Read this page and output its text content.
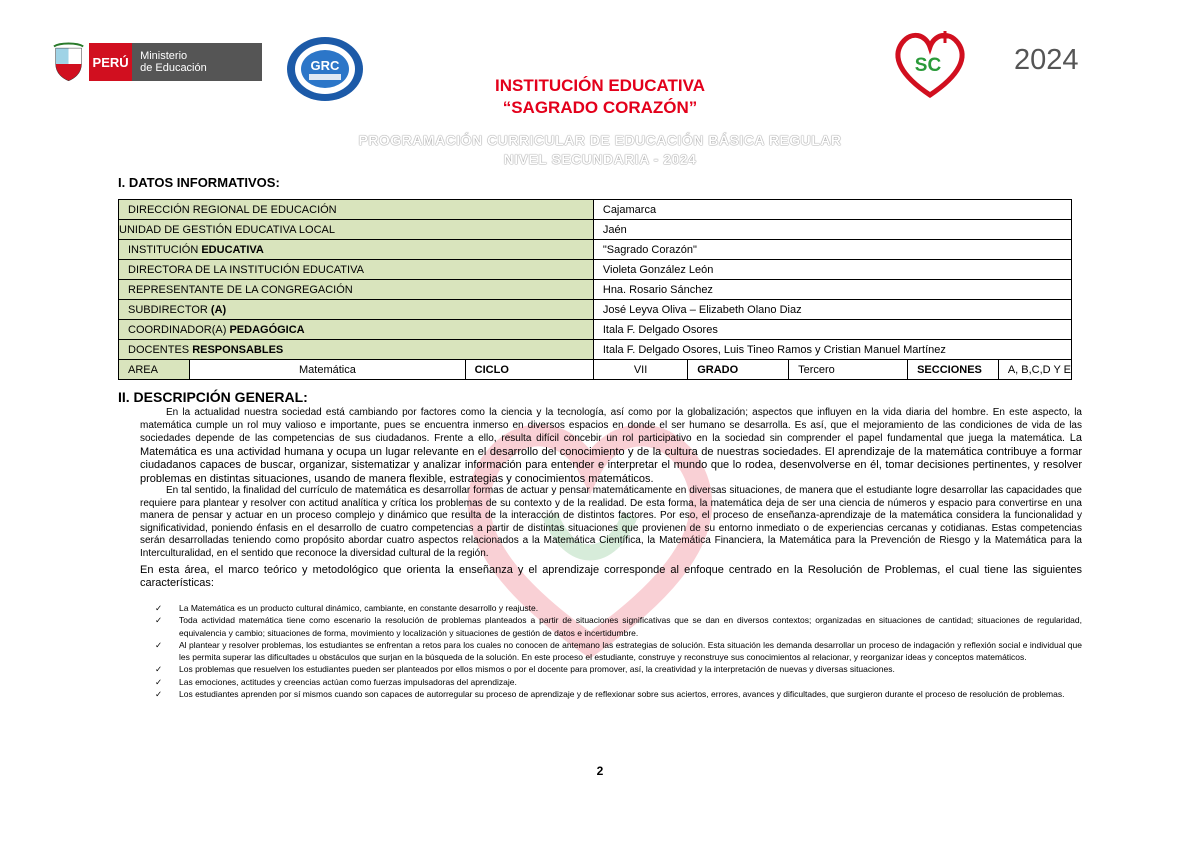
PERÚ	Ministerio
de Educación	GRC	SC	2024
INSTITUCIÓN EDUCATIVA
“SAGRADO CORAZÓN”
PROGRAMACIÓN CURRICULAR DE EDUCACIÓN BÁSICA REGULAR
NIVEL SECUNDARIA - 2024
I. DATOS INFORMATIVOS:
DIRECCIÓN REGIONAL DE EDUCACIÓN			Cajamarca				
UNIDAD DE GESTIÓN EDUCATIVA LOCAL			Jaén				
INSTITUCIÓN EDUCATIVA			"Sagrado Corazón"				
DIRECTORA DE LA INSTITUCIÓN EDUCATIVA			Violeta González León				
REPRESENTANTE DE LA CONGREGACIÓN			Hna. Rosario Sánchez				
SUBDIRECTOR (A)			José Leyva Oliva – Elizabeth Olano Diaz				
COORDINADOR(A) PEDAGÓGICA			Itala F. Delgado Osores				
DOCENTES RESPONSABLES			Itala F. Delgado Osores, Luis Tineo Ramos y Cristian Manuel Martínez				
AREA	Matemática	CICLO	VII	GRADO	Tercero	SECCIONES	A, B,C,D Y E
II. DESCRIPCIÓN GENERAL:
En la actualidad nuestra sociedad está cambiando por factores como la ciencia y la tecnología, así como por la globalización; aspectos que influyen en la vida diaria del hombre. En este aspecto, la matemática cumple un rol muy valioso e importante, pues se encuentra inmerso en diversos espacios en donde el ser humano se desarrolla. Es así, que el mejoramiento de las condiciones de vida de las sociedades depende de las competencias de sus ciudadanos. Frente a ello, resulta difícil concebir un rol participativo en la sociedad sin comprender el papel fundamental que juega la matemática. La Matemática es una actividad humana y ocupa un lugar relevante en el desarrollo del conocimiento y de la cultura de nuestras sociedades. El aprendizaje de la matemática contribuye a formar ciudadanos capaces de buscar, organizar, sistematizar y analizar información para entender e interpretar el mundo que lo rodea, desenvolverse en él, tomar decisiones pertinentes, y resolver problemas en distintas situaciones, usando de manera flexible, estrategias y conocimientos matemáticos.
En tal sentido, la finalidad del currículo de matemática es desarrollar formas de actuar y pensar matemáticamente en diversas situaciones, de manera que el estudiante logre desarrollar las capacidades que requiere para plantear y resolver con actitud analítica y crítica los problemas de su contexto y de la realidad. De esta forma, la matemática deja de ser una ciencia de números y espacio para convertirse en una manera de pensar y actuar en un proceso complejo y dinámico que resulta de la interacción de distintos factores. Por eso, el proceso de enseñanza-aprendizaje de la matemática considera la funcionalidad y significatividad, poniendo énfasis en el desarrollo de cuatro competencias a partir de distintas situaciones que provienen de su entorno inmediato o de experiencias cercanas y cotidianas. Estas competencias serán desarrolladas teniendo como propósito abordar cuatro aspectos relacionados a la Matemática Científica, la Matemática Financiera, la Matemática para la Prevención de Riesgo y la Matemática para la Interculturalidad, en el sentido que reconoce la diversidad cultural de la región.
En esta área, el marco teórico y metodológico que orienta la enseñanza y el aprendizaje corresponde al enfoque centrado en la Resolución de Problemas, el cual tiene las siguientes características:
✓ La Matemática es un producto cultural dinámico, cambiante, en constante desarrollo y reajuste.
✓ Toda actividad matemática tiene como escenario la resolución de problemas planteados a partir de situaciones significativas que se dan en diversos contextos; organizadas en situaciones de cantidad; situaciones de regularidad, equivalencia y cambio; situaciones de forma, movimiento y localización y situaciones de gestión de datos e incertidumbre.
✓ Al plantear y resolver problemas, los estudiantes se enfrentan a retos para los cuales no conocen de antemano las estrategias de solución. Esta situación les demanda desarrollar un proceso de indagación y reflexión social e individual que les permita superar las dificultades u obstáculos que surjan en la búsqueda de la solución. En este proceso el estudiante, construye y reconstruye sus conocimientos al relacionar, y reorganizar ideas y conceptos matemáticos.
✓ Los problemas que resuelven los estudiantes pueden ser planteados por ellos mismos o por el docente para promover, así, la creatividad y la interpretación de nuevas y diversas situaciones.
✓ Las emociones, actitudes y creencias actúan como fuerzas impulsadoras del aprendizaje.
✓ Los estudiantes aprenden por sí mismos cuando son capaces de autorregular su proceso de aprendizaje y de reflexionar sobre sus aciertos, errores, avances y dificultades, que surgieron durante el proceso de resolución de problemas.
2
